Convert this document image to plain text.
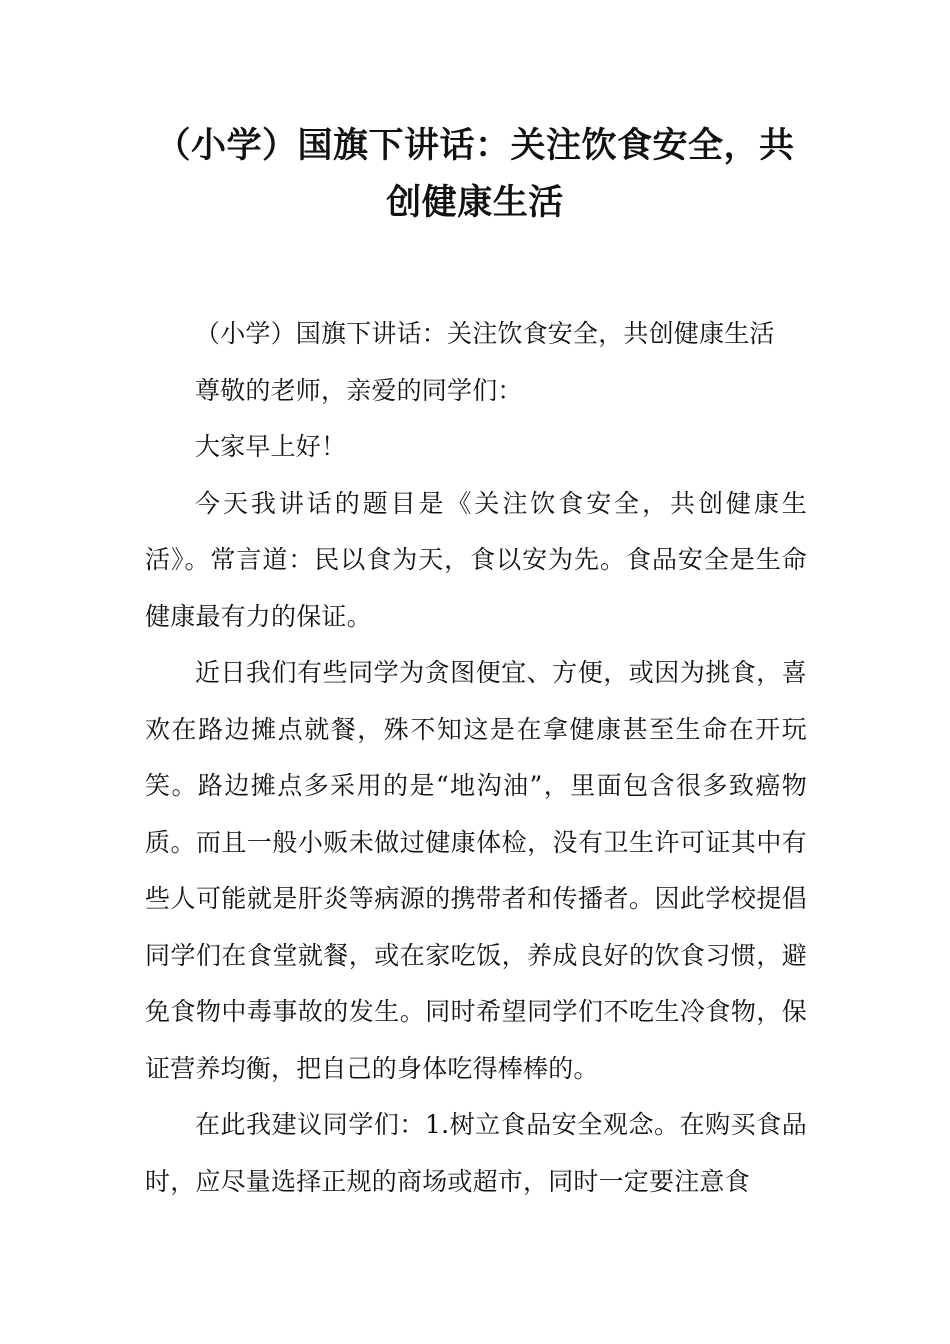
（小学）国旗下讲话：关注饮食安全，共创健康生活

（小学）国旗下讲话：关注饮食安全，共创健康生活

尊敬的老师，亲爱的同学们：

大家早上好！

今天我讲话的题目是《关注饮食安全，共创健康生活》。常言道：民以食为天，食以安为先。食品安全是生命健康最有力的保证。

近日我们有些同学为贪图便宜、方便，或因为挑食，喜欢在路边摊点就餐，殊不知这是在拿健康甚至生命在开玩笑。路边摊点多采用的是“地沟油”，里面包含很多致癌物质。而且一般小贩未做过健康体检，没有卫生许可证其中有些人可能就是肝炎等病源的携带者和传播者。因此学校提倡同学们在食堂就餐，或在家吃饭，养成良好的饮食习惯，避免食物中毒事故的发生。同时希望同学们不吃生冷食物，保证营养均衡，把自己的身体吃得棒棒的。

在此我建议同学们：1.树立食品安全观念。在购买食品时，应尽量选择正规的商场或超市，同时一定要注意食
